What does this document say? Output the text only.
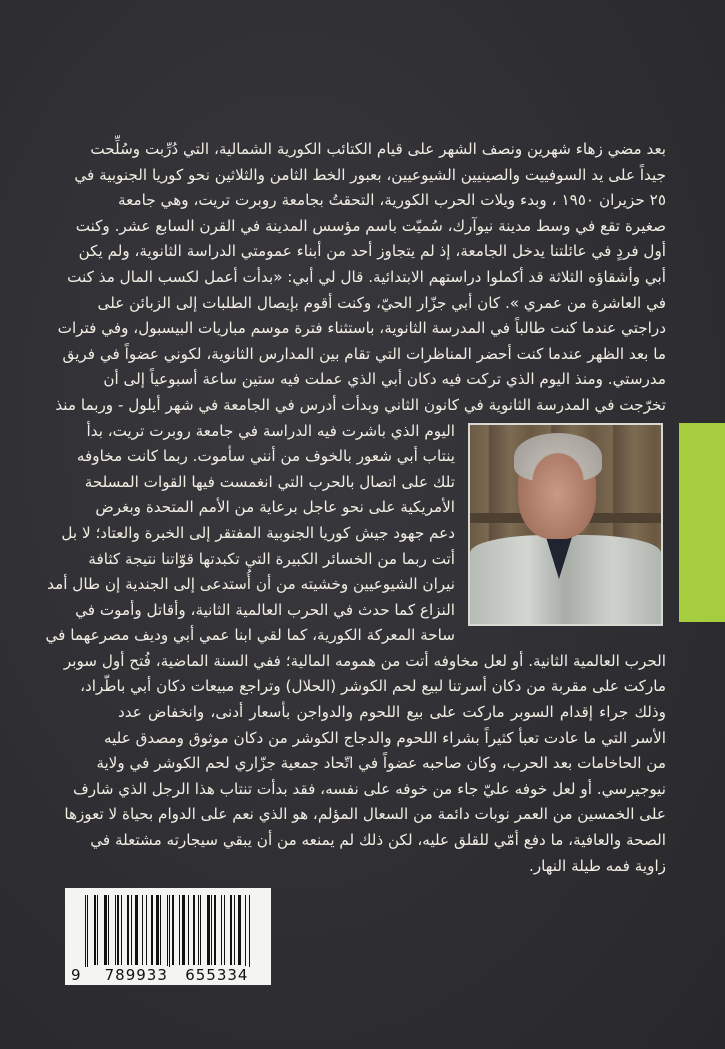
بعد مضي زهاء شهرين ونصف الشهر على قيام الكتائب الكورية الشمالية، التي دُرِّبت وسُلِّحت
جيداً على يد السوفييت والصينيين الشيوعيين، بعبور الخط الثامن والثلاثين نحو كوريا الجنوبية في
٢٥ حزيران ١٩٥٠ ، وبدء ويلات الحرب الكورية، التحقتُ بجامعة روبرت تريت، وهي جامعة
صغيرة تقع في وسط مدينة نيوآرك، سُميّت باسم مؤسس المدينة في القرن السابع عشر. وكنت
أول فردٍ في عائلتنا يدخل الجامعة، إذ لم يتجاوز أحد من أبناء عمومتي الدراسة الثانوية، ولم يكن
أبي وأشقاؤه الثلاثة قد أكملوا دراستهم الابتدائية. قال لي أبي: «بدأت أعمل لكسب المال مذ كنت
في العاشرة من عمري ». كان أبي جزّار الحيّ، وكنت أقوم بإيصال الطلبات إلى الزبائن على
دراجتي عندما كنت طالباً في المدرسة الثانوية، باستثناء فترة موسم مباريات البيسبول، وفي فترات
ما بعد الظهر عندما كنت أحضر المناظرات التي تقام بين المدارس الثانوية، لكوني عضواً في فريق
مدرستي. ومنذ اليوم الذي تركت فيه دكان أبي الذي عملت فيه ستين ساعة أسبوعياً إلى أن
تخرّجت في المدرسة الثانوية في كانون الثاني وبدأت أدرس في الجامعة في شهر أيلول - وربما منذ
اليوم الذي باشرت فيه الدراسة في جامعة روبرت تريت، بدأ
ينتاب أبي شعور بالخوف من أنني سأموت. ربما كانت مخاوفه
تلك على اتصال بالحرب التي انغمست فيها القوات المسلحة
الأمريكية على نحو عاجل برعاية من الأمم المتحدة وبغرض
دعم جهود جيش كوريا الجنوبية المفتقر إلى الخبرة والعتاد؛ لا بل
أتت ربما من الخسائر الكبيرة التي تكبدتها قوّاتنا نتيجة كثافة
نيران الشيوعيين وخشيته من أن أُستدعى إلى الجندية إن طال أمد
النزاع كما حدث في الحرب العالمية الثانية، وأقاتل وأموت في
ساحة المعركة الكورية، كما لقي ابنا عمي أبي وديف مصرعهما في
الحرب العالمية الثانية. أو لعل مخاوفه أتت من همومه المالية؛ ففي السنة الماضية، فُتح أول سوبر
ماركت على مقربة من دكان أسرتنا لبيع لحم الكوشر (الحلال) وتراجع مبيعات دكان أبي باطّراد،
وذلك جراء إقدام السوبر ماركت على بيع اللحوم والدواجن بأسعار أدنى، وانخفاض عدد
الأسر التي ما عادت تعبأ كثيراً بشراء اللحوم والدجاج الكوشر من دكان موثوق ومصدق عليه
من الحاخامات بعد الحرب، وكان صاحبه عضواً في اتّحاد جمعية جزّاري لحم الكوشر في ولاية
نيوجيرسي. أو لعل خوفه عليّ جاء من خوفه على نفسه، فقد بدأت تنتاب هذا الرجل الذي شارف
على الخمسين من العمر نوبات دائمة من السعال المؤلم، هو الذي نعم على الدوام بحياة لا تعوزها
الصحة والعافية، ما دفع أمّي للقلق عليه، لكن ذلك لم يمنعه من أن يبقي سيجارته مشتعلة في
زاوية فمه طيلة النهار.
9 789933 655334
